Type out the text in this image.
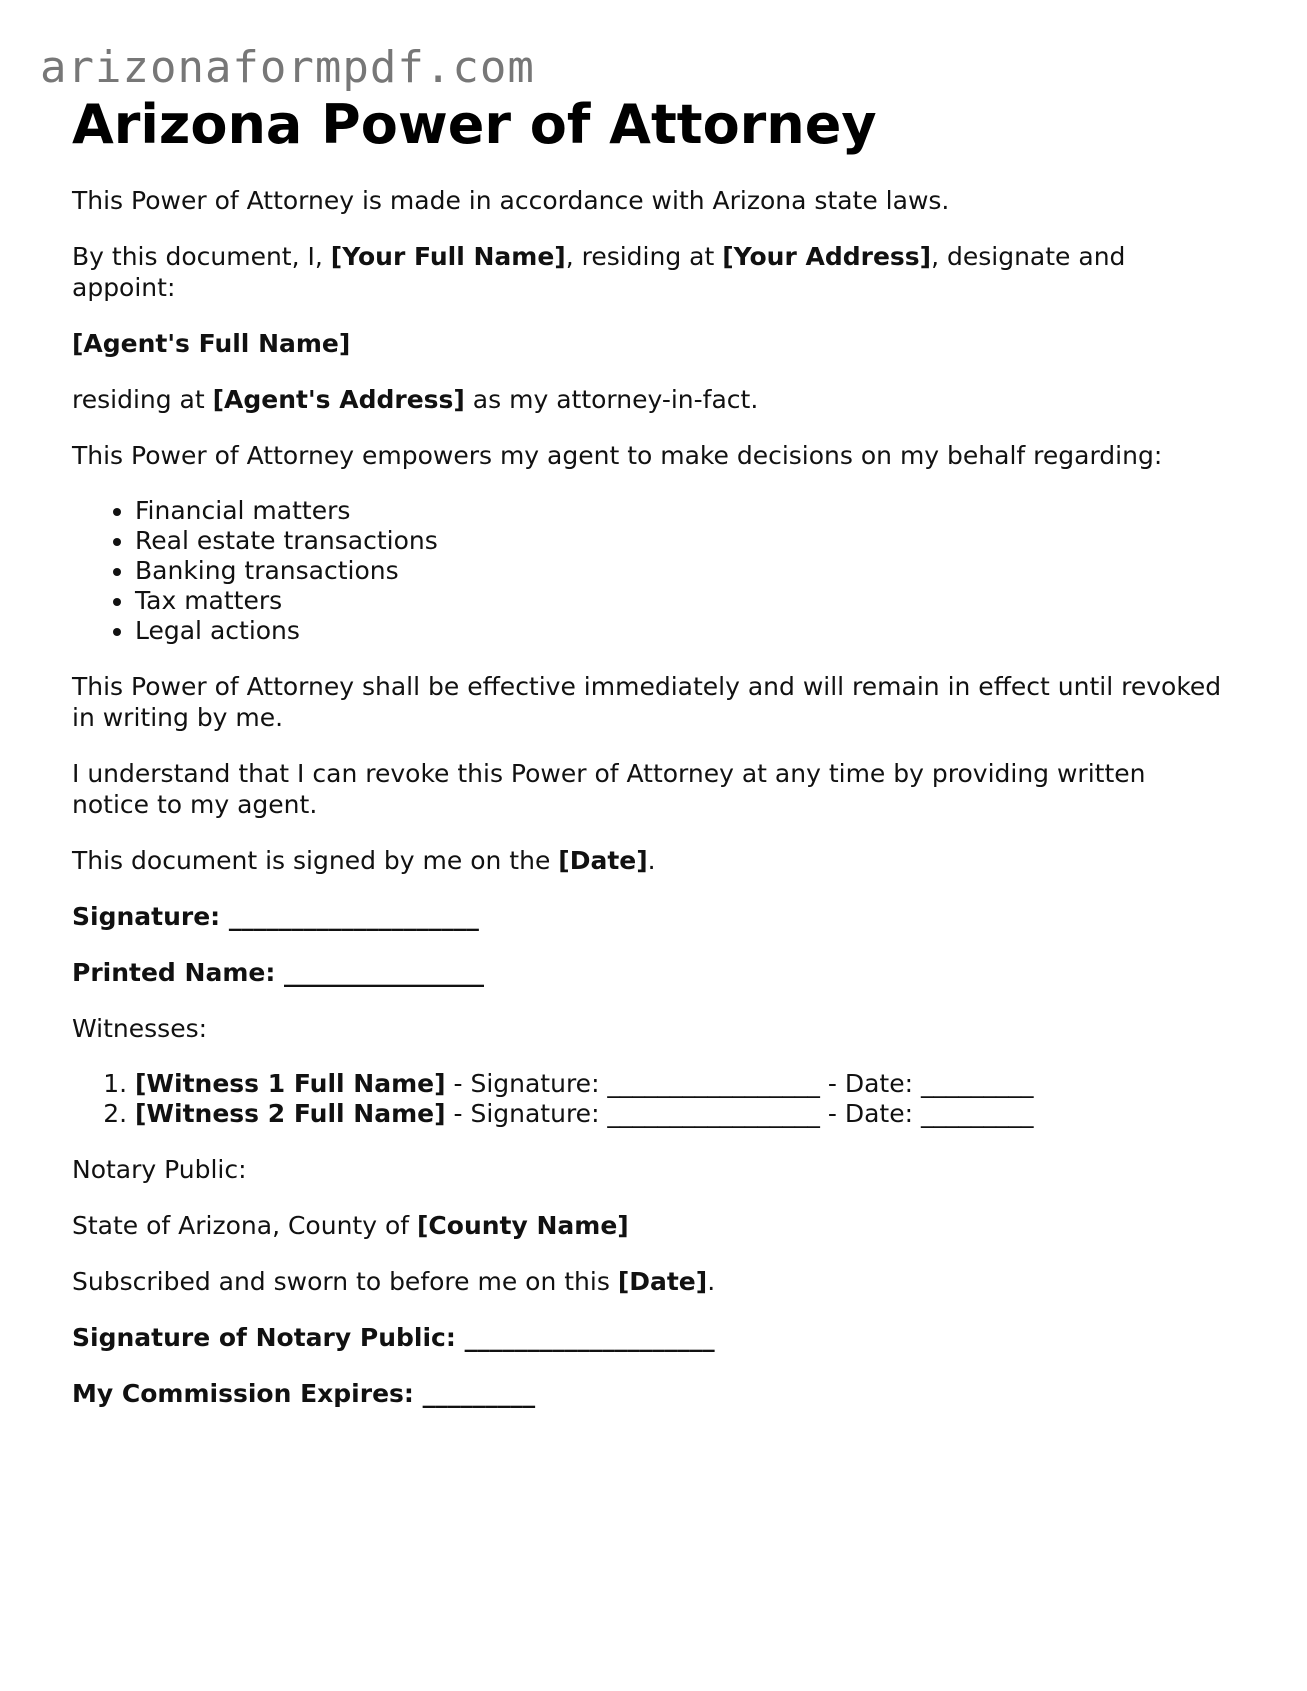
arizonaformpdf.com
Arizona Power of Attorney

This Power of Attorney is made in accordance with Arizona state laws.

By this document, I, [Your Full Name], residing at [Your Address], designate and appoint:

[Agent's Full Name]

residing at [Agent's Address] as my attorney-in-fact.

This Power of Attorney empowers my agent to make decisions on my behalf regarding:

• Financial matters
• Real estate transactions
• Banking transactions
• Tax matters
• Legal actions

This Power of Attorney shall be effective immediately and will remain in effect until revoked in writing by me.

I understand that I can revoke this Power of Attorney at any time by providing written notice to my agent.

This document is signed by me on the [Date].

Signature: ____________________

Printed Name: ________________

Witnesses:

1. [Witness 1 Full Name] - Signature: _________________ - Date: _________
2. [Witness 2 Full Name] - Signature: _________________ - Date: _________

Notary Public:

State of Arizona, County of [County Name]

Subscribed and sworn to before me on this [Date].

Signature of Notary Public: ____________________

My Commission Expires: _________
